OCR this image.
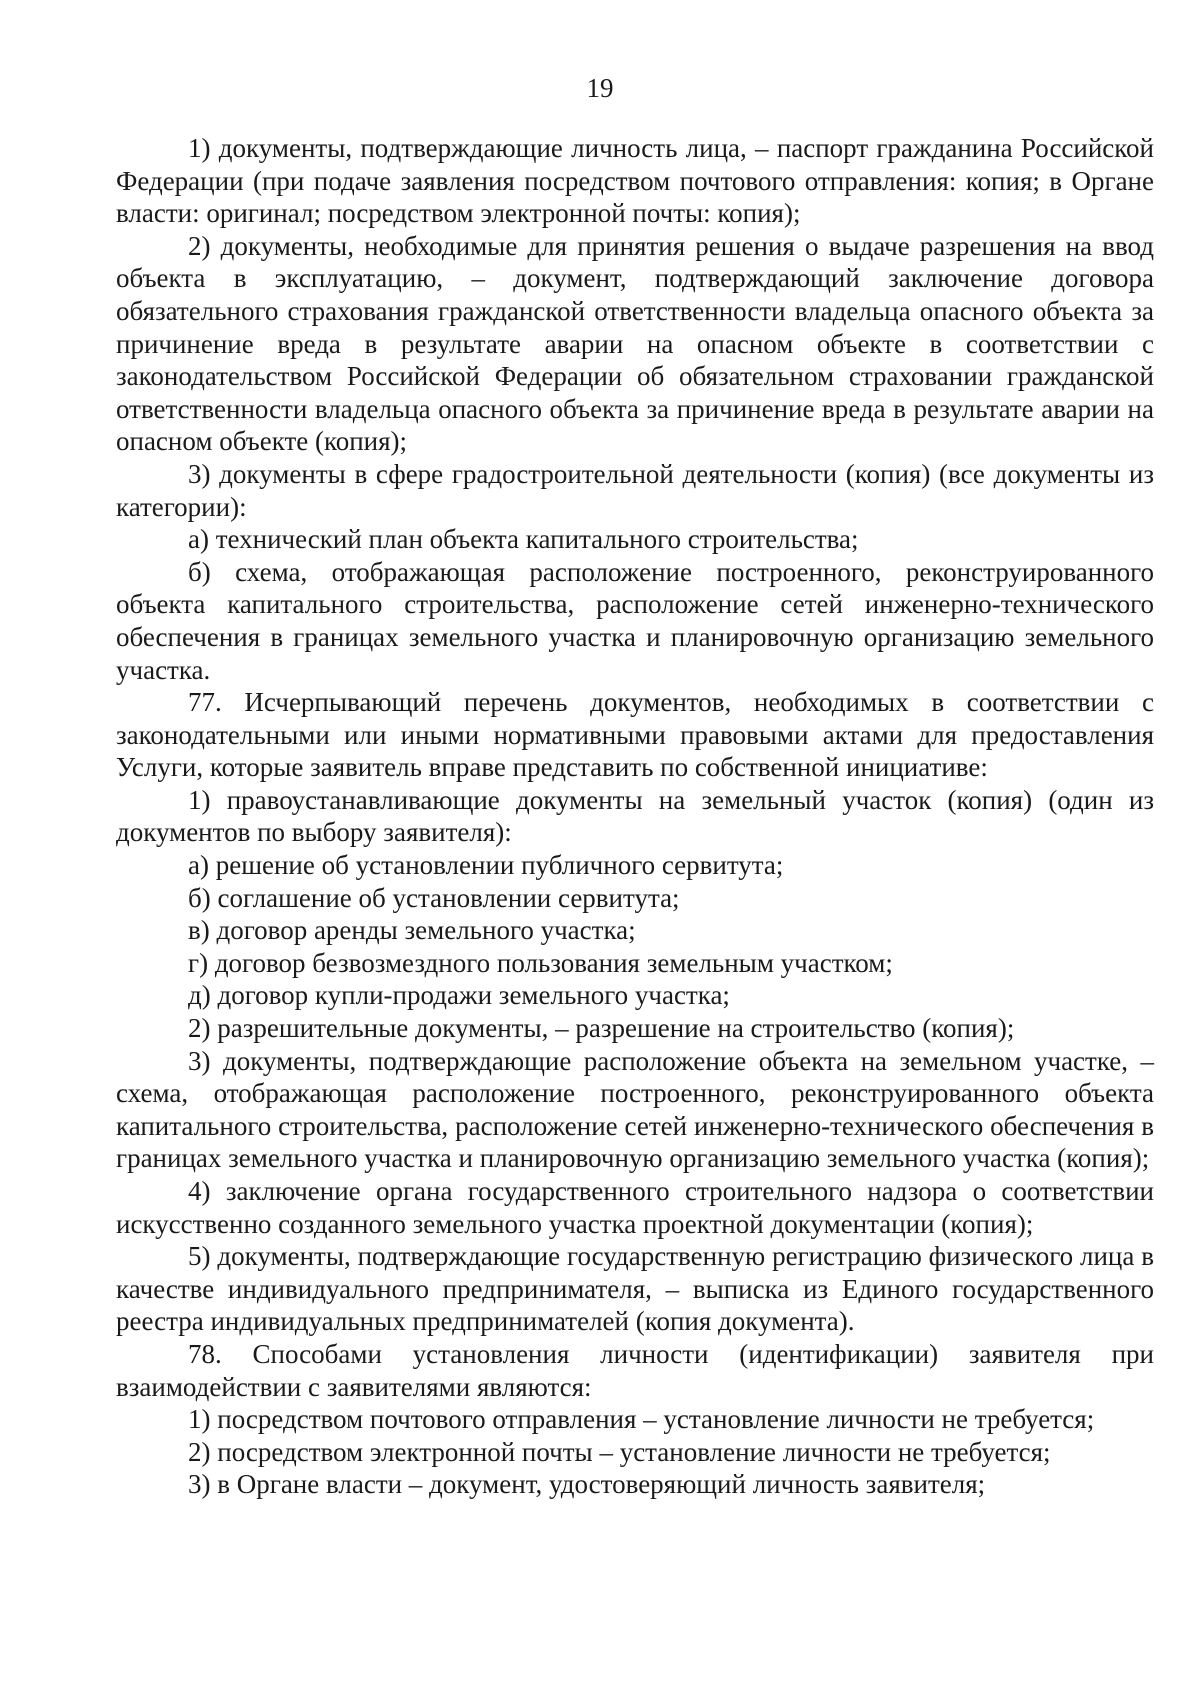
19

1) документы, подтверждающие личность лица, – паспорт гражданина Российской Федерации (при подаче заявления посредством почтового отправления: копия; в Органе власти: оригинал; посредством электронной почты: копия);

2) документы, необходимые для принятия решения о выдаче разрешения на ввод объекта в эксплуатацию, – документ, подтверждающий заключение договора обязательного страхования гражданской ответственности владельца опасного объекта за причинение вреда в результате аварии на опасном объекте в соответствии с законодательством Российской Федерации об обязательном страховании гражданской ответственности владельца опасного объекта за причинение вреда в результате аварии на опасном объекте (копия);

3) документы в сфере градостроительной деятельности (копия) (все документы из категории):

а) технический план объекта капитального строительства;

б) схема, отображающая расположение построенного, реконструированного объекта капитального строительства, расположение сетей инженерно-технического обеспечения в границах земельного участка и планировочную организацию земельного участка.

77. Исчерпывающий перечень документов, необходимых в соответствии с законодательными или иными нормативными правовыми актами для предоставления Услуги, которые заявитель вправе представить по собственной инициативе:

1) правоустанавливающие документы на земельный участок (копия) (один из документов по выбору заявителя):

а) решение об установлении публичного сервитута;

б) соглашение об установлении сервитута;

в) договор аренды земельного участка;

г) договор безвозмездного пользования земельным участком;

д) договор купли-продажи земельного участка;

2) разрешительные документы, – разрешение на строительство (копия);

3) документы, подтверждающие расположение объекта на земельном участке, – схема, отображающая расположение построенного, реконструированного объекта капитального строительства, расположение сетей инженерно-технического обеспечения в границах земельного участка и планировочную организацию земельного участка (копия);

4) заключение органа государственного строительного надзора о соответствии искусственно созданного земельного участка проектной документации (копия);

5) документы, подтверждающие государственную регистрацию физического лица в качестве индивидуального предпринимателя, – выписка из Единого государственного реестра индивидуальных предпринимателей (копия документа).

78. Способами установления личности (идентификации) заявителя при взаимодействии с заявителями являются:

1) посредством почтового отправления – установление личности не требуется;

2) посредством электронной почты – установление личности не требуется;

3) в Органе власти – документ, удостоверяющий личность заявителя;
